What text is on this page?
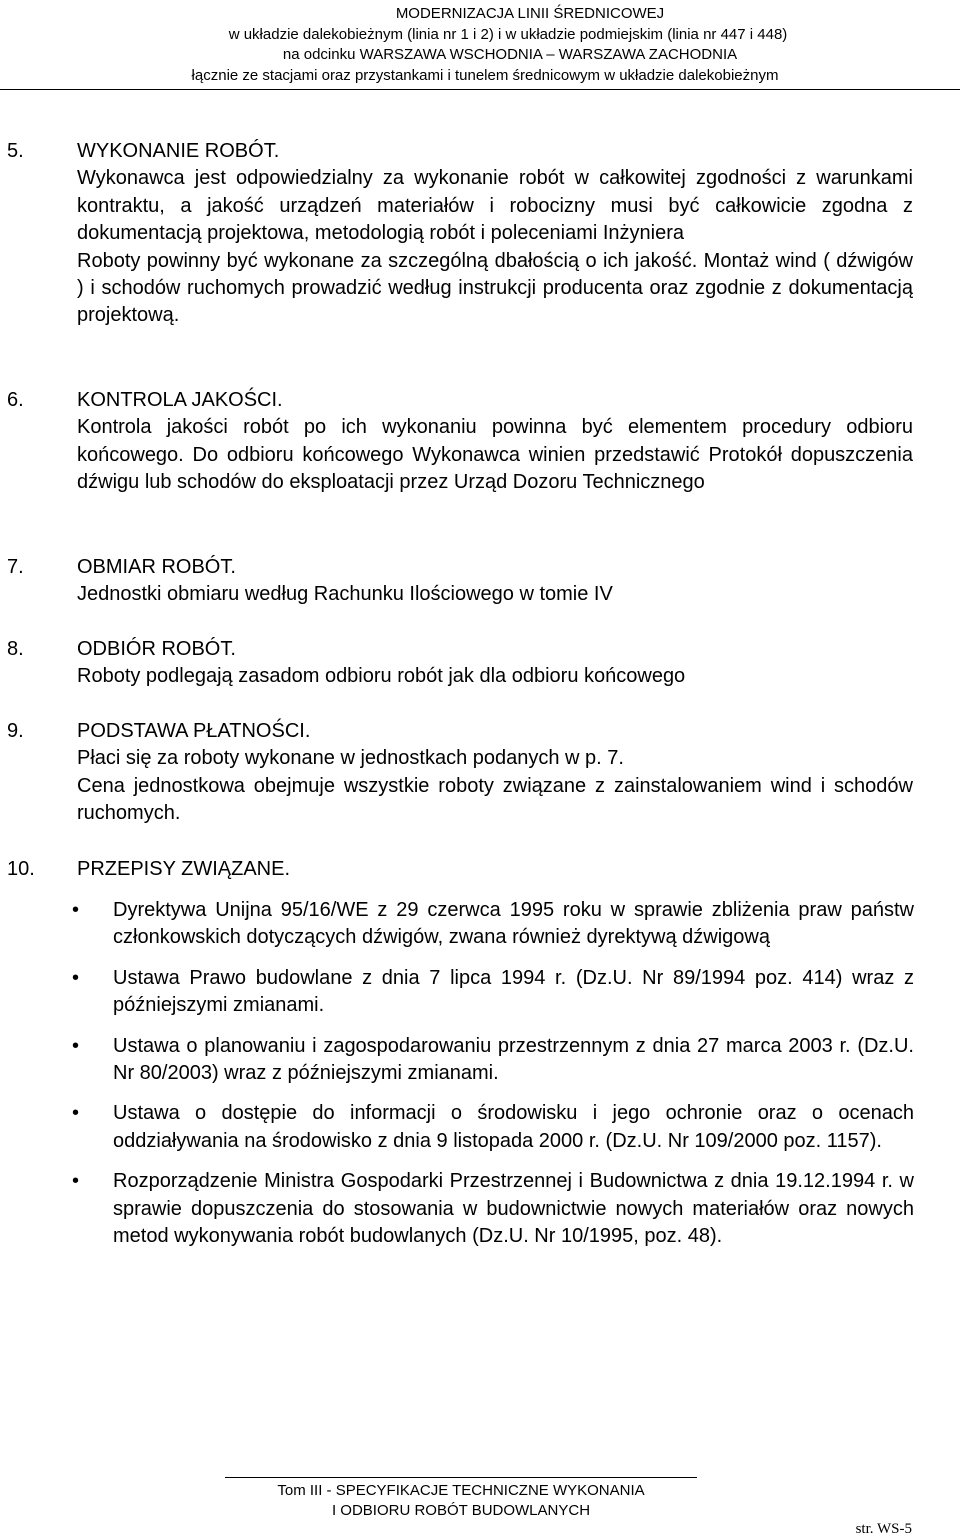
MODERNIZACJA LINII ŚREDNICOWEJ
w układzie dalekobieżnym (linia nr 1 i 2) i w układzie podmiejskim (linia nr 447 i 448)
na odcinku WARSZAWA WSCHODNIA – WARSZAWA ZACHODNIA
łącznie ze stacjami oraz przystankami i tunelem średnicowym w układzie dalekobieżnym
5.	WYKONANIE ROBÓT.

Wykonawca jest odpowiedzialny za wykonanie robót w całkowitej zgodności z warunkami kontraktu, a jakość urządzeń materiałów i robocizny musi być całkowicie zgodna z dokumentacją projektowa, metodologią robót i poleceniami Inżyniera

Roboty powinny być wykonane za szczególną dbałością o ich jakość. Montaż wind ( dźwigów ) i schodów ruchomych prowadzić według instrukcji producenta oraz zgodnie z dokumentacją projektową.

6.	KONTROLA JAKOŚCI.

Kontrola jakości robót po ich wykonaniu powinna być elementem procedury odbioru końcowego. Do odbioru końcowego Wykonawca winien przedstawić Protokół dopuszczenia dźwigu lub schodów do eksploatacji przez Urząd Dozoru Technicznego

7.	OBMIAR ROBÓT.

Jednostki obmiaru według Rachunku Ilościowego w tomie IV

8.	ODBIÓR ROBÓT.

Roboty podlegają zasadom odbioru robót jak dla odbioru końcowego

9.	PODSTAWA PŁATNOŚCI.

Płaci się za roboty wykonane w jednostkach podanych w p. 7.

Cena jednostkowa obejmuje wszystkie roboty związane z zainstalowaniem wind i schodów ruchomych.

10.	PRZEPISY ZWIĄZANE.
• Dyrektywa Unijna 95/16/WE z 29 czerwca 1995 roku w sprawie zbliżenia praw państw członkowskich dotyczących dźwigów, zwana również dyrektywą dźwigową
• Ustawa Prawo budowlane z dnia 7 lipca 1994 r. (Dz.U. Nr 89/1994 poz. 414) wraz z późniejszymi zmianami.
• Ustawa o planowaniu i zagospodarowaniu przestrzennym z dnia 27 marca 2003 r. (Dz.U. Nr 80/2003) wraz z późniejszymi zmianami.
• Ustawa o dostępie do informacji o środowisku i jego ochronie oraz o ocenach oddziaływania na środowisko z dnia 9 listopada 2000 r. (Dz.U. Nr 109/2000 poz. 1157).
• Rozporządzenie Ministra Gospodarki Przestrzennej i Budownictwa z dnia 19.12.1994 r. w sprawie dopuszczenia do stosowania w budownictwie nowych materiałów oraz nowych metod wykonywania robót budowlanych (Dz.U. Nr 10/1995, poz. 48).
Tom III - SPECYFIKACJE TECHNICZNE WYKONANIA
I ODBIORU ROBÓT BUDOWLANYCH
str. WS-5
